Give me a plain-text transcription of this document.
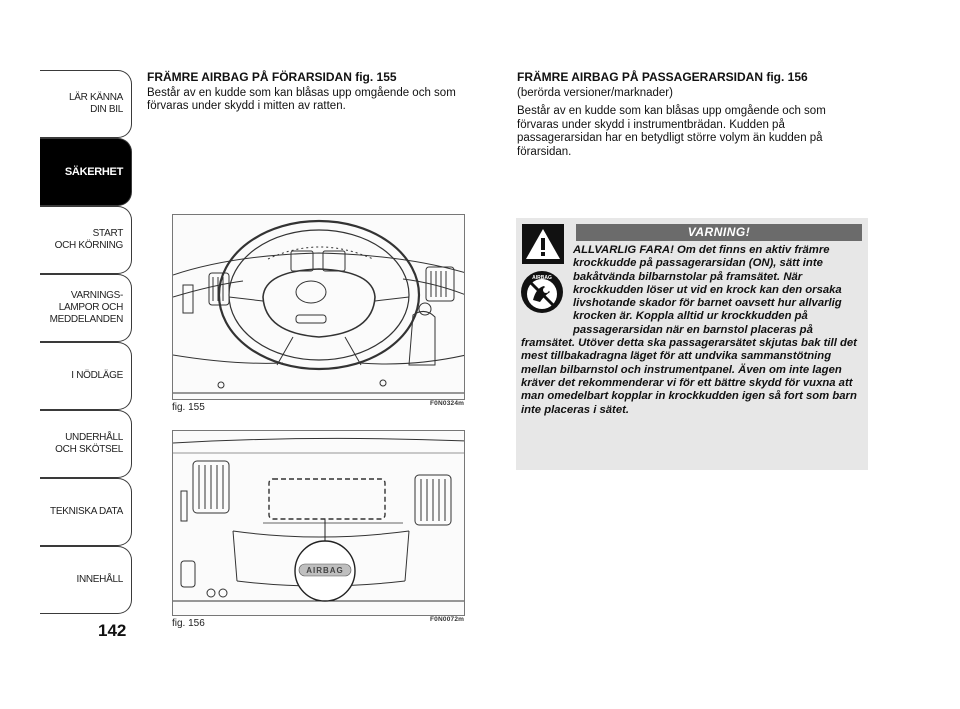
LÄR KÄNNA
DIN BIL
SÄKERHET
START
OCH KÖRNING
VARNINGS-
LAMPOR OCH
MEDDELANDEN
I NÖDLÄGE
UNDERHÅLL
OCH SKÖTSEL
TEKNISKA DATA
INNEHÅLL
142
FRÄMRE AIRBAG PÅ FÖRARSIDAN fig. 155

Består av en kudde som kan blåsas upp omgående och som förvaras under skydd i mitten av ratten.

FRÄMRE AIRBAG PÅ PASSAGERARSIDAN fig. 156

(berörda versioner/marknader)

Består av en kudde som kan blåsas upp omgående och som förvaras under skydd i instrumentbrädan. Kudden på passagerarsidan har en betydligt större volym än kudden på förarsidan.

fig. 155	F0N0324m
AIRBAG
fig. 156	F0N0072m
VARNING!
AIRBAG
ALLVARLIG FARA! Om det finns en aktiv främre krockkudde på passagerarsidan (ON), sätt inte bakåtvända bilbarnstolar på framsätet. När krockkudden löser ut vid en krock kan den orsaka livshotande skador för barnet oavsett hur allvarlig krocken är. Koppla alltid ur krockkudden på passagerarsidan när en barnstol placeras på framsätet. Utöver detta ska passagerarsätet skjutas bak till det mest tillbakadragna läget för att undvika sammanstötning mellan bilbarnstol och instrumentpanel. Även om inte lagen kräver det rekommenderar vi för ett bättre skydd för vuxna att man omedelbart kopplar in krockkudden igen så fort som barn inte placeras i sätet.
